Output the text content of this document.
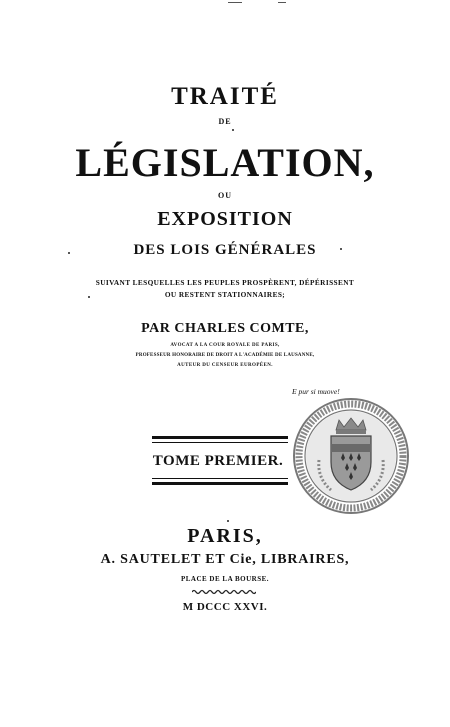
TRAITÉ
DE
LÉGISLATION,
OU
EXPOSITION
DES LOIS GÉNÉRALES
SUIVANT LESQUELLES LES PEUPLES PROSPÈRENT, DÉPÉRISSENT
OU RESTENT STATIONNAIRES;
PAR CHARLES COMTE,
AVOCAT A LA COUR ROYALE DE PARIS,
PROFESSEUR HONORAIRE DE DROIT A L'ACADÉMIE DE LAUSANNE,
AUTEUR DU CENSEUR EUROPÉEN.
E pur si muove!
TOME PREMIER.
PARIS,
A. SAUTELET ET Cie, LIBRAIRES,
PLACE DE LA BOURSE.
M DCCC XXVI.
